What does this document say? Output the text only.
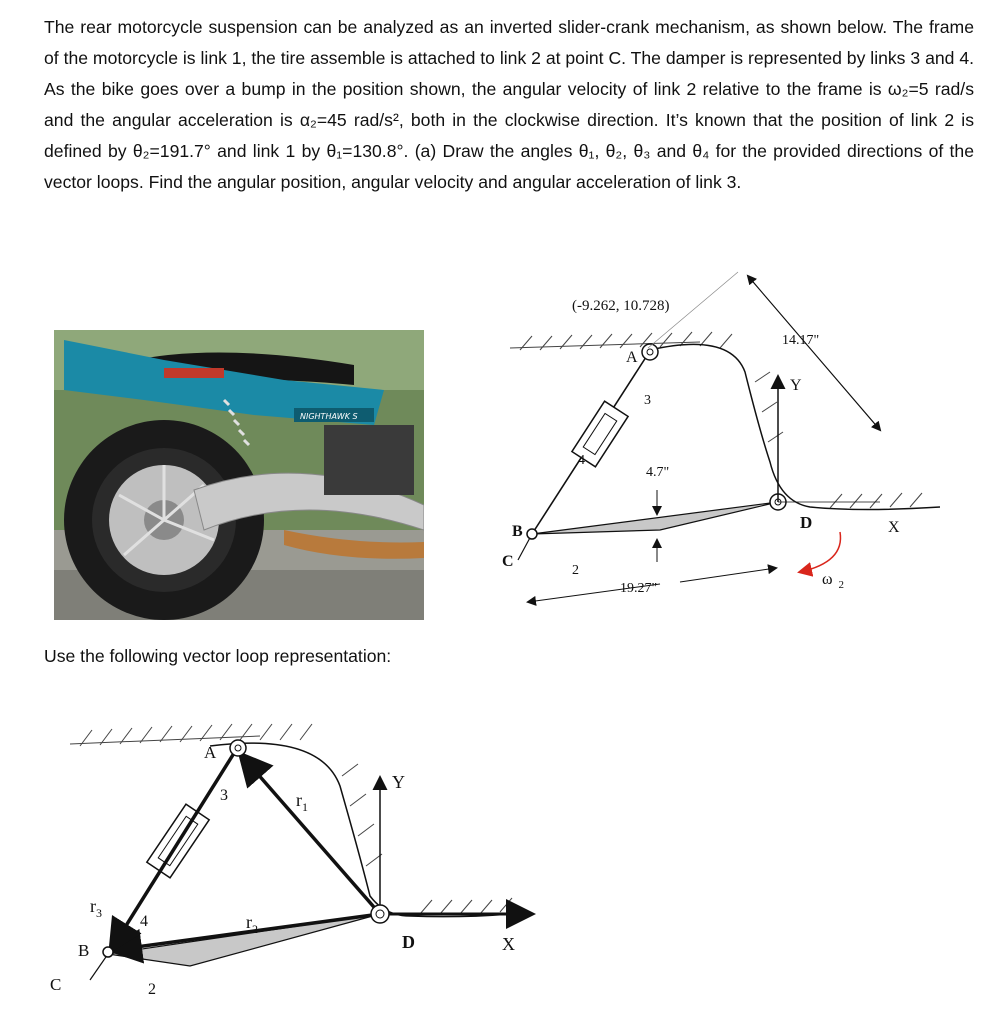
The rear motorcycle suspension can be analyzed as an inverted slider-crank mechanism, as shown below. The frame of the motorcycle is link 1, the tire assemble is attached to link 2 at point C. The damper is represented by links 3 and 4. As the bike goes over a bump in the position shown, the angular velocity of link 2 relative to the frame is ω₂=5 rad/s and the angular acceleration is α₂=45 rad/s², both in the clockwise direction. It’s known that the position of link 2 is defined by θ₂=191.7° and link 1 by θ₁=130.8°. (a) Draw the angles θ₁, θ₂, θ₃ and θ₄ for the provided directions of the vector loops. Find the angular position, angular velocity and angular acceleration of link 3.

NIGHTHAWK S
(-9.262, 10.728)
14.17"
4.7"
19.27"
A
B
C
D	X
Y
2
3
4
ω $_2$
Use the following vector loop representation:
A
B
C
D	X
Y
2
3
4
$r_1$
$r_2$
$r_3$
